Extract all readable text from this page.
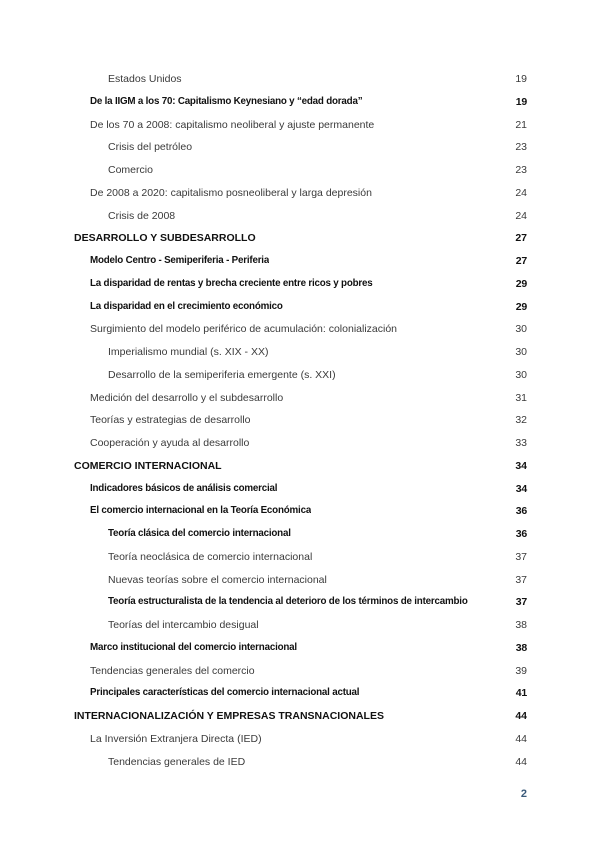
Estados Unidos	19
De la IIGM a los 70: Capitalismo Keynesiano y “edad dorada”	19
De los 70 a 2008: capitalismo neoliberal y ajuste permanente	21
Crisis del petróleo	23
Comercio	23
De 2008 a 2020: capitalismo posneoliberal y larga depresión	24
Crisis de 2008	24
DESARROLLO Y SUBDESARROLLO	27
Modelo Centro - Semiperiferia - Periferia	27
La disparidad de rentas y brecha creciente entre ricos y pobres	29
La disparidad en el crecimiento económico	29
Surgimiento del modelo periférico de acumulación: colonialización	30
Imperialismo mundial (s. XIX - XX)	30
Desarrollo de la semiperiferia emergente (s. XXI)	30
Medición del desarrollo y el subdesarrollo	31
Teorías y estrategias de desarrollo	32
Cooperación y ayuda al desarrollo	33
COMERCIO INTERNACIONAL	34
Indicadores básicos de análisis comercial	34
El comercio internacional en la Teoría Económica	36
Teoría clásica del comercio internacional	36
Teoría neoclásica de comercio internacional	37
Nuevas teorías sobre el comercio internacional	37
Teoría estructuralista de la tendencia al deterioro de los términos de intercambio	37
Teorías del intercambio desigual	38
Marco institucional del comercio internacional	38
Tendencias generales del comercio	39
Principales características del comercio internacional actual	41
INTERNACIONALIZACIÓN Y EMPRESAS TRANSNACIONALES	44
La Inversión Extranjera Directa (IED)	44
Tendencias generales de IED	44
2
